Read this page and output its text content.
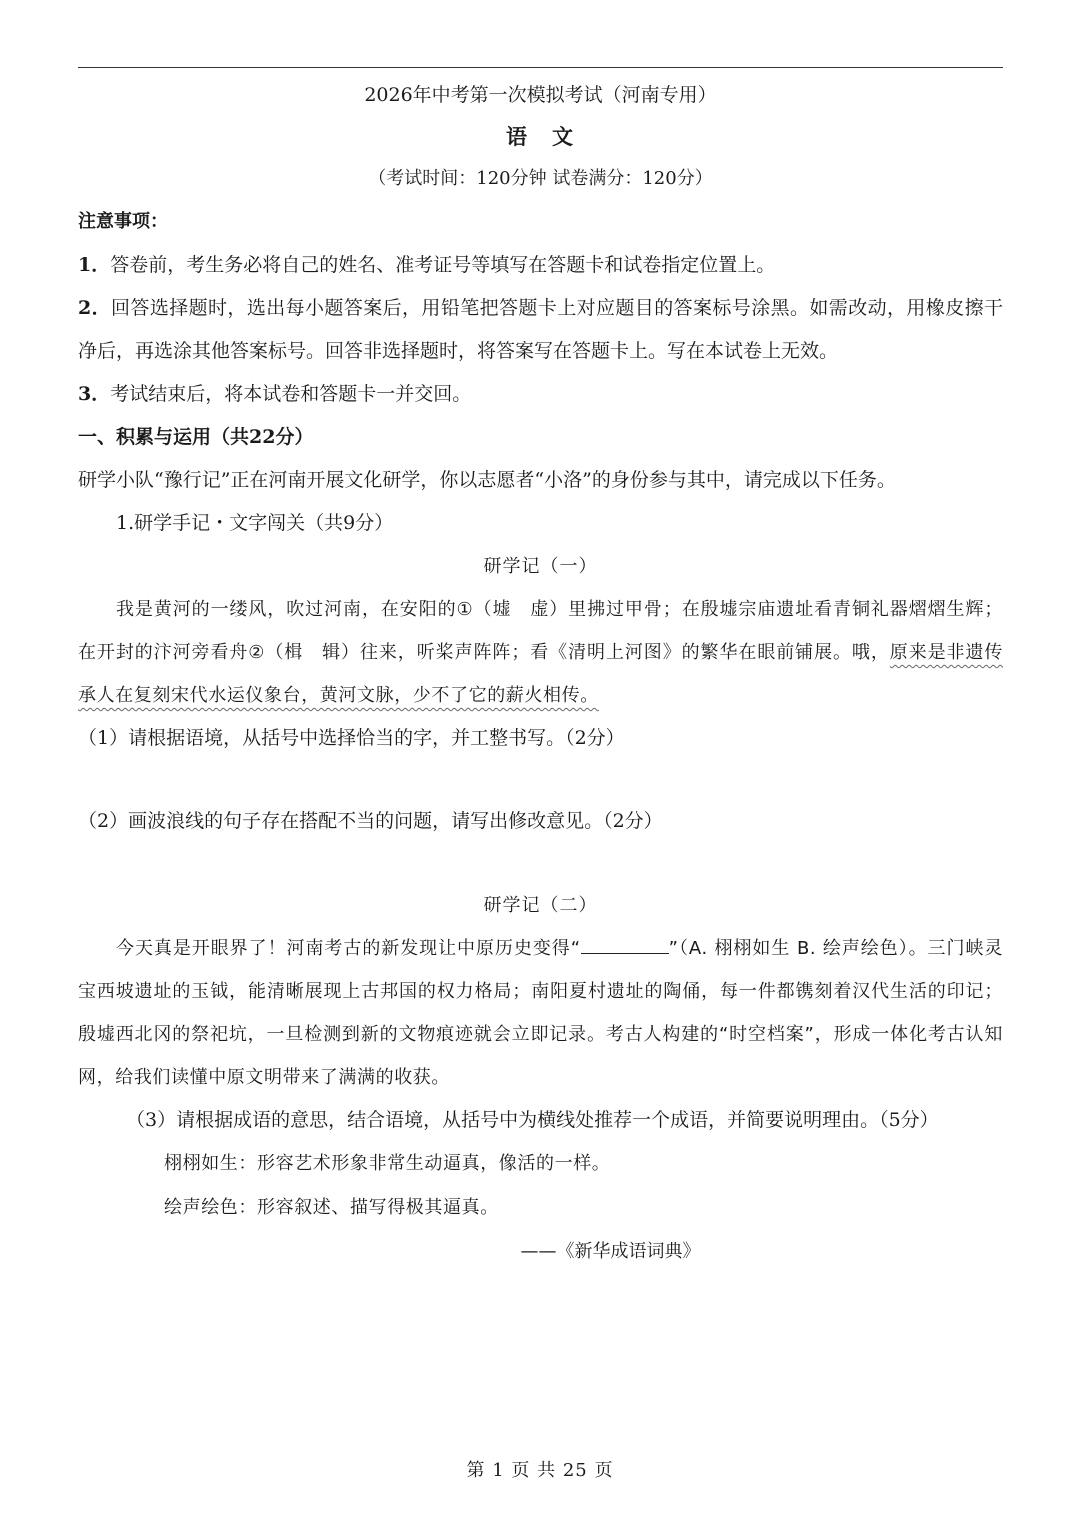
2026年中考第一次模拟考试（河南专用）
语　文
（考试时间：120分钟 试卷满分：120分）
注意事项：

1．答卷前，考生务必将自己的姓名、准考证号等填写在答题卡和试卷指定位置上。

2．回答选择题时，选出每小题答案后，用铅笔把答题卡上对应题目的答案标号涂黑。如需改动，用橡皮擦干净后，再选涂其他答案标号。回答非选择题时，将答案写在答题卡上。写在本试卷上无效。

3．考试结束后，将本试卷和答题卡一并交回。

一、积累与运用（共22分）

研学小队“豫行记”正在河南开展文化研学，你以志愿者“小洛”的身份参与其中，请完成以下任务。

1.研学手记・文字闯关（共9分）

研学记（一）

我是黄河的一缕风，吹过河南，在安阳的①（墟　虚）里拂过甲骨；在殷墟宗庙遗址看青铜礼器熠熠生辉；在开封的汴河旁看舟②（楫　辑）往来，听桨声阵阵；看《清明上河图》的繁华在眼前铺展。哦，原来是非遗传承人在复刻宋代水运仪象台，黄河文脉，少不了它的薪火相传。

（1）请根据语境，从括号中选择恰当的字，并工整书写。（2分）

（2）画波浪线的句子存在搭配不当的问题，请写出修改意见。（2分）

研学记（二）

今天真是开眼界了！河南考古的新发现让中原历史变得“	”（A. 栩栩如生 B. 绘声绘色）。三门峡灵宝西坡遗址的玉钺，能清晰展现上古邦国的权力格局；南阳夏村遗址的陶俑，每一件都镌刻着汉代生活的印记；殷墟西北冈的祭祀坑，一旦检测到新的文物痕迹就会立即记录。考古人构建的“时空档案”，形成一体化考古认知网，给我们读懂中原文明带来了满满的收获。

（3）请根据成语的意思，结合语境，从括号中为横线处推荐一个成语，并简要说明理由。（5分）

栩栩如生：形容艺术形象非常生动逼真，像活的一样。
绘声绘色：形容叙述、描写得极其逼真。
——《新华成语词典》
第 1 页 共 25 页
